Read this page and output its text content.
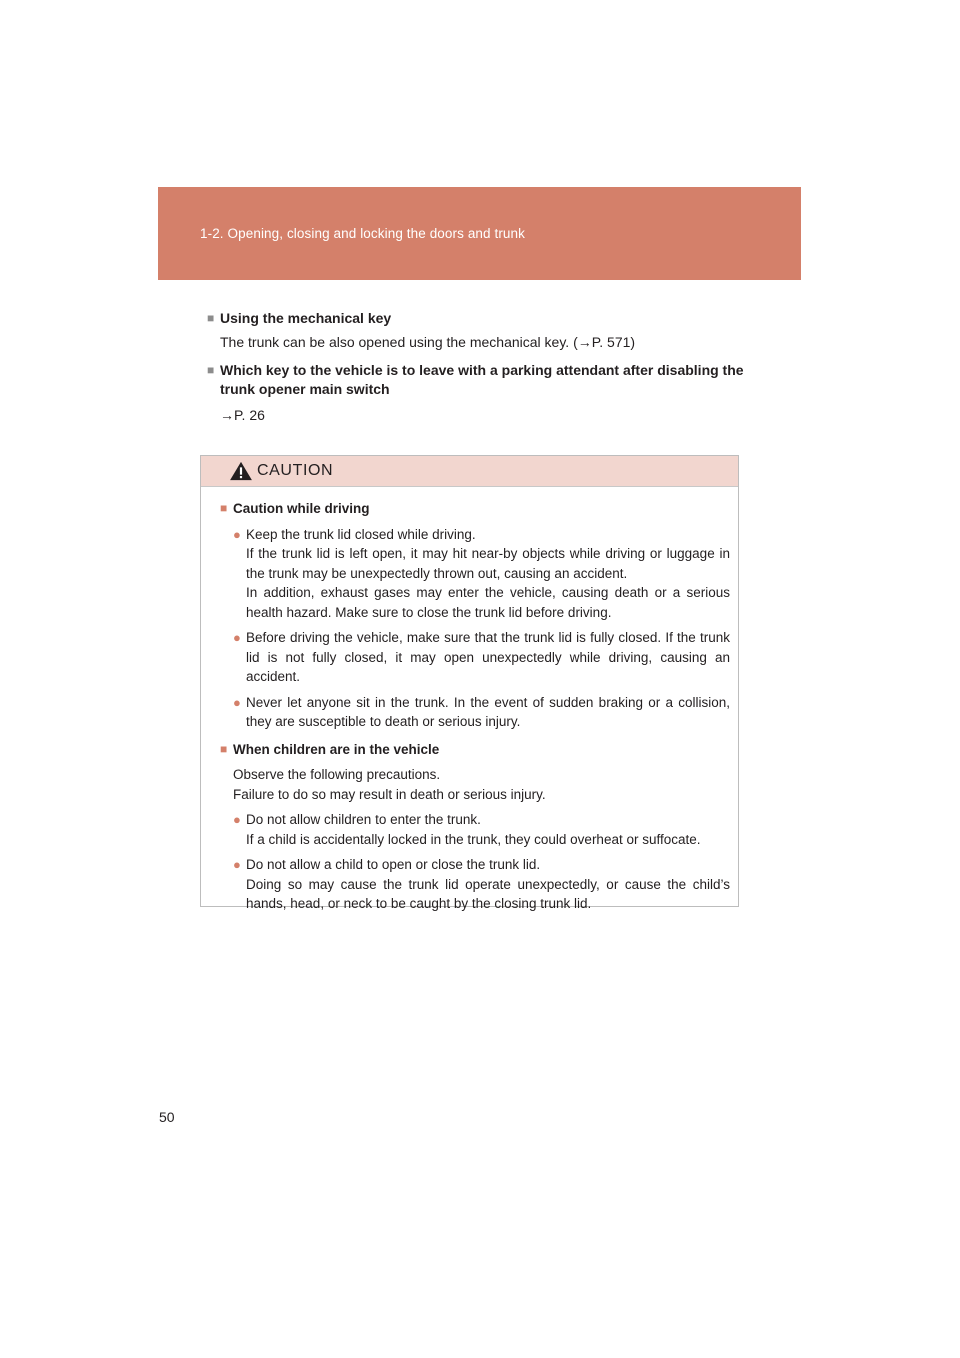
1-2. Opening, closing and locking the doors and trunk
■ Using the mechanical key
The trunk can be also opened using the mechanical key. (→P. 571)
■ Which key to the vehicle is to leave with a parking attendant after disabling the trunk opener main switch
→P. 26
CAUTION
■ Caution while driving
● Keep the trunk lid closed while driving.
If the trunk lid is left open, it may hit near-by objects while driving or luggage in the trunk may be unexpectedly thrown out, causing an accident.
In addition, exhaust gases may enter the vehicle, causing death or a serious health hazard. Make sure to close the trunk lid before driving.
● Before driving the vehicle, make sure that the trunk lid is fully closed. If the trunk lid is not fully closed, it may open unexpectedly while driving, causing an accident.
● Never let anyone sit in the trunk. In the event of sudden braking or a collision, they are susceptible to death or serious injury.
■ When children are in the vehicle
Observe the following precautions.
Failure to do so may result in death or serious injury.
● Do not allow children to enter the trunk.
If a child is accidentally locked in the trunk, they could overheat or suffocate.
● Do not allow a child to open or close the trunk lid.
Doing so may cause the trunk lid operate unexpectedly, or cause the child’s hands, head, or neck to be caught by the closing trunk lid.
50
